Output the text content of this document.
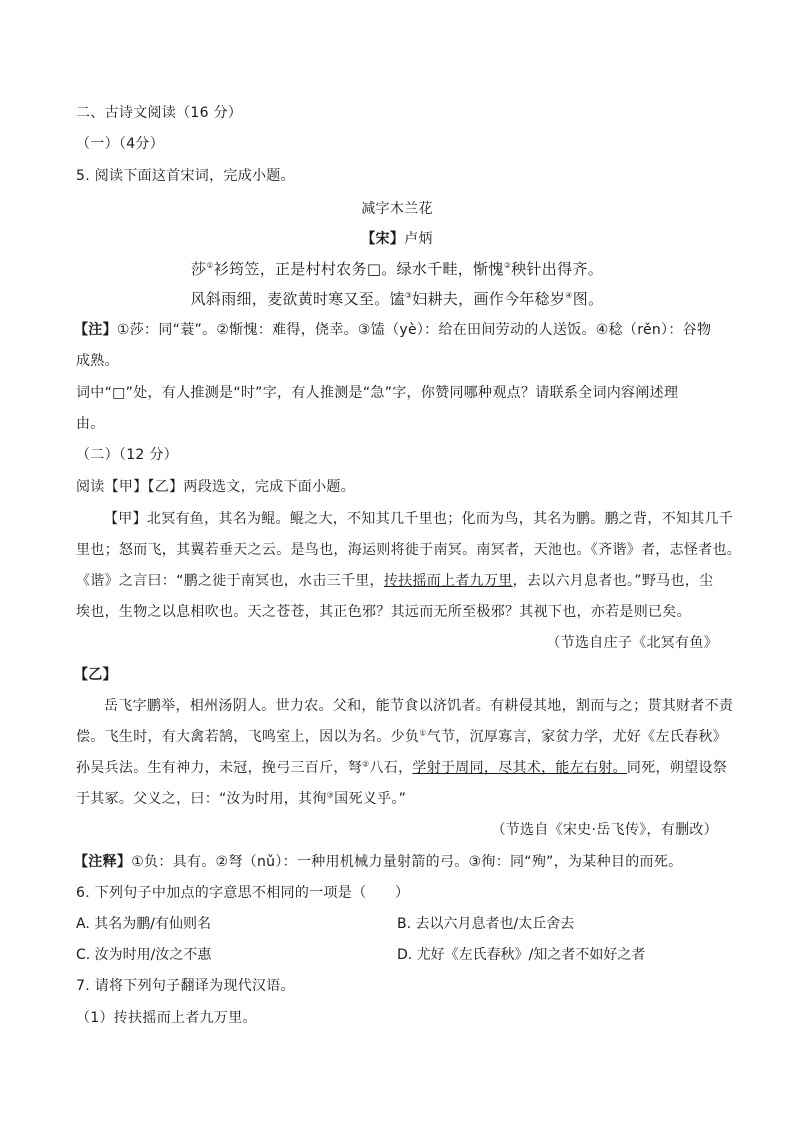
二、古诗文阅读（16 分）
（一）（4分）
5. 阅读下面这首宋词，完成小题。
减字木兰花
【宋】卢炳
莎①衫筠笠，正是村村农务□。绿水千畦，惭愧②秧针出得齐。
风斜雨细，麦欲黄时寒又至。馌③妇耕夫，画作今年稔岁④图。
【注】①莎：同“蓑”。②惭愧：难得，侥幸。③馌（yè）：给在田间劳动的人送饭。④稔（rěn）：谷物
成熟。
词中“□”处，有人推测是“时”字，有人推测是“急”字，你赞同哪种观点？请联系全词内容阐述理
由。
（二）（12 分）
阅读【甲】【乙】两段选文，完成下面小题。
【甲】北冥有鱼，其名为鲲。鲲之大，不知其几千里也；化而为鸟，其名为鹏。鹏之背，不知其几千
里也；怒而飞，其翼若垂天之云。是鸟也，海运则将徙于南冥。南冥者，天池也。《齐谐》者，志怪者也。
《谐》之言曰：“鹏之徙于南冥也，水击三千里，抟扶摇而上者九万里，去以六月息者也。”野马也，尘
埃也，生物之以息相吹也。天之苍苍，其正色邪？其远而无所至极邪？其视下也，亦若是则已矣。
（节选自庄子《北冥有鱼》
【乙】
岳飞字鹏举，相州汤阴人。世力农。父和，能节食以济饥者。有耕侵其地，割而与之；贳其财者不责
偿。飞生时，有大禽若鹄，飞鸣室上，因以为名。少负①气节，沉厚寡言，家贫力学，尤好《左氏春秋》
孙吴兵法。生有神力，未冠，挽弓三百斤，弩②八石，学射于周同，尽其术，能左右射。同死，朔望设祭
于其冢。父义之，曰：“汝为时用，其徇③国死义乎。”
（节选自《宋史·岳飞传》，有删改）
【注释】①负：具有。②弩（nǔ）：一种用机械力量射箭的弓。③徇：同“殉”，为某种目的而死。
6. 下列句子中加点的字意思不相同的一项是（　　）
A. 其名为鹏/有仙则名	B. 去以六月息者也/太丘舍去
C. 汝为时用/汝之不惠	D. 尤好《左氏春秋》/知之者不如好之者
7. 请将下列句子翻译为现代汉语。
（1）抟扶摇而上者九万里。
